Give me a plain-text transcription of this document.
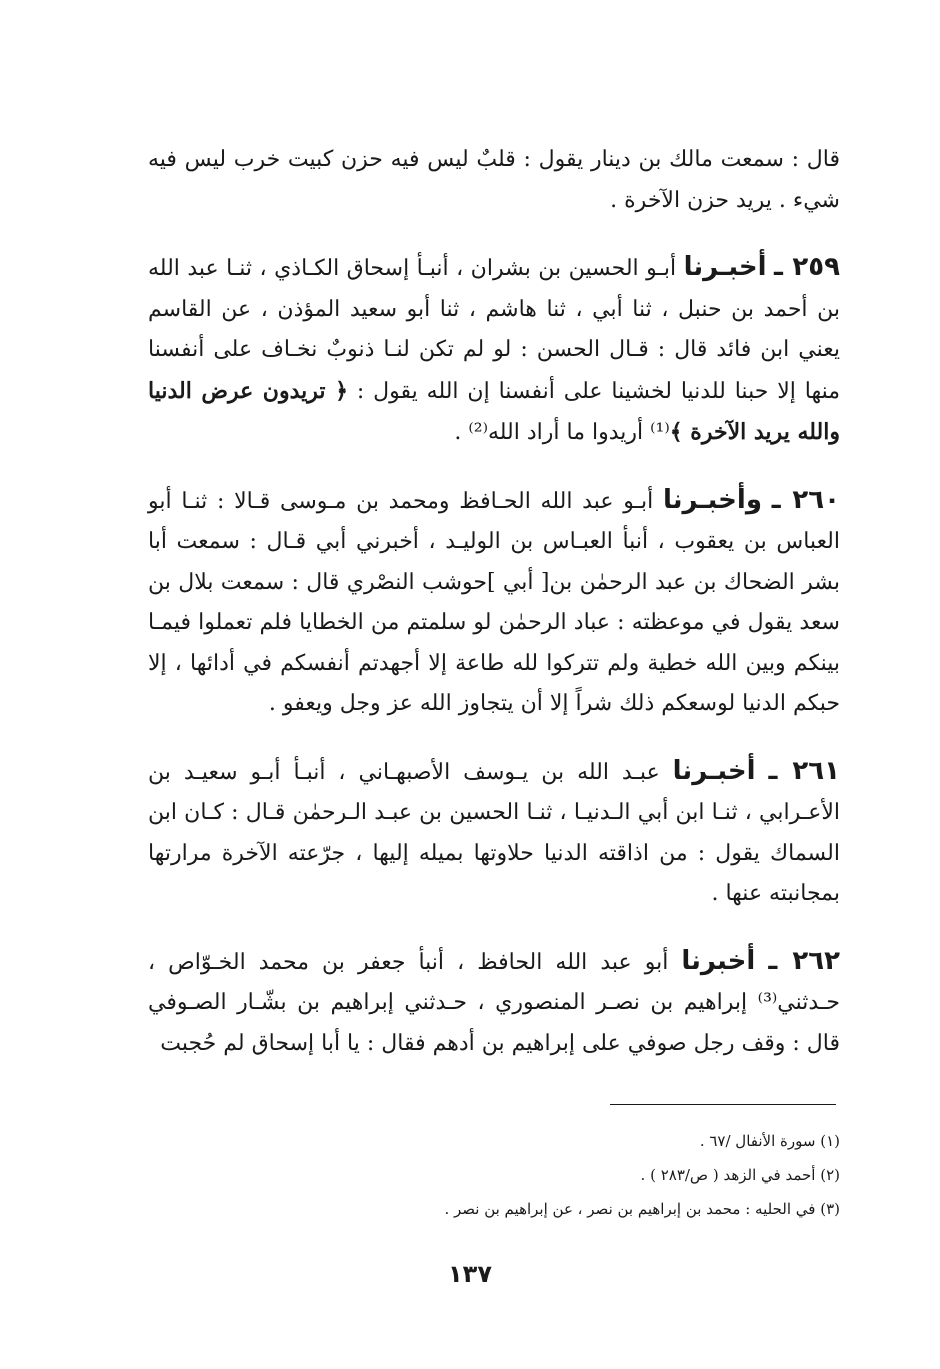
قال : سمعت مالك بن دينار يقول : قلبٌ ليس فيه حزن كبيت خرب ليس فيه شيء . يريد حزن الآخرة .

٢٥٩ ـ أخبـرنا أبـو الحسين بن بشران ، أنبـأ إسحاق الكـاذي ، ثنـا عبد الله بن أحمد بن حنبل ، ثنا أبي ، ثنا هاشم ، ثنا أبو سعيد المؤذن ، عن القاسم يعني ابن فائد قال : قـال الحسن : لو لم تكن لنـا ذنوبٌ نخـاف على أنفسنا منها إلا حبنا للدنيا لخشينا على أنفسنا إن الله يقول : ﴿ تريدون عرض الدنيا والله يريد الآخرة ﴾⁽¹⁾ أريدوا ما أراد الله⁽²⁾ .

٢٦٠ ـ وأخبـرنا أبـو عبد الله الحـافظ ومحمد بن مـوسى قـالا : ثنـا أبو العباس بن يعقوب ، أنبأ العبـاس بن الوليـد ، أخبرني أبي قـال : سمعت أبا بشر الضحاك بن عبد الرحمٰن بن[ أبي ]حوشب النصْري قال : سمعت بلال بن سعد يقول في موعظته : عباد الرحمٰن لو سلمتم من الخطايا فلم تعملوا فيمـا بينكم وبين الله خطية ولم تتركوا لله طاعة إلا أجهدتم أنفسكم في أدائها ، إلا حبكم الدنيا لوسعكم ذلك شراً إلا أن يتجاوز الله عز وجل ويعفو .

٢٦١ ـ أخبـرنا عبـد الله بن يـوسف الأصبهـاني ، أنبـأ أبـو سعيـد بن الأعـرابي ، ثنـا ابن أبي الـدنيـا ، ثنـا الحسين بن عبـد الـرحمٰن قـال : كـان ابن السماك يقول : من اذاقته الدنيا حلاوتها بميله إليها ، جرّعته الآخرة مرارتها بمجانبته عنها .

٢٦٢ ـ أخبرنا أبو عبد الله الحافظ ، أنبأ جعفر بن محمد الخـوّاص ، حـدثني⁽³⁾ إبراهيم بن نصـر المنصوري ، حـدثني إبراهيم بن بشّـار الصـوفي قال : وقف رجل صوفي على إبراهيم بن أدهم فقال : يا أبا إسحاق لم حُجبت

(١) سورة الأنفال /٦٧ .

(٢) أحمد في الزهد ( ص/٢٨٣ ) .

(٣) في الحليه : محمد بن إبراهيم بن نصر ، عن إبراهيم بن نصر .

١٣٧
